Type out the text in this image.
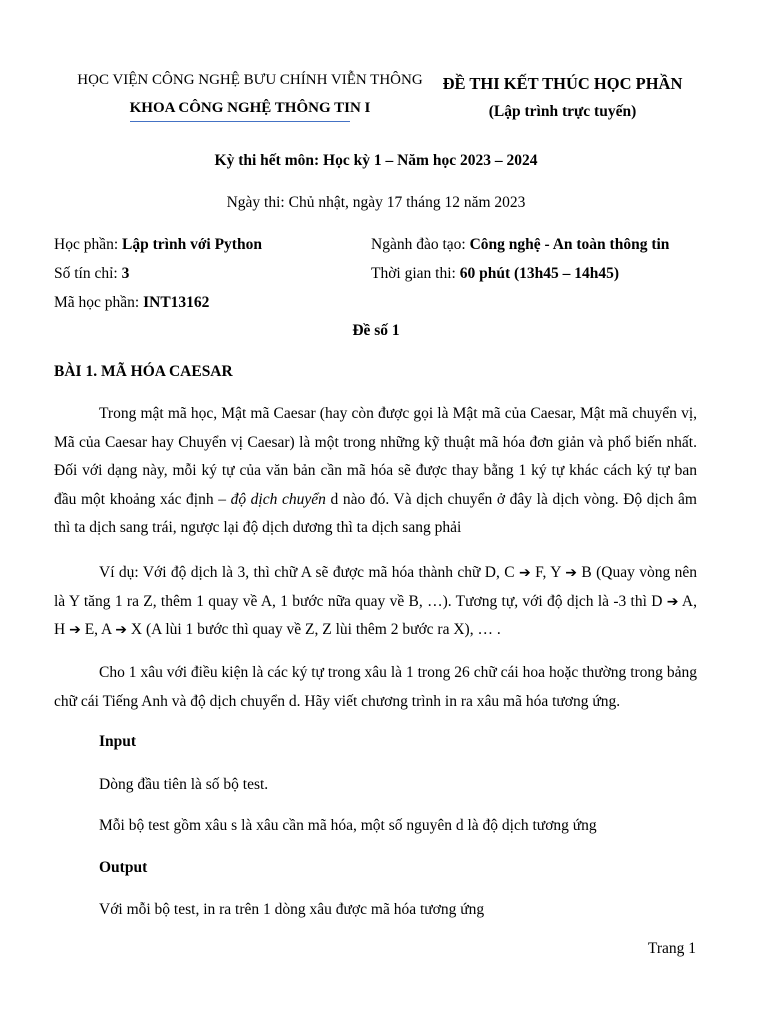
HỌC VIỆN CÔNG NGHỆ BƯU CHÍNH VIỄN THÔNG
KHOA CÔNG NGHỆ THÔNG TIN I
ĐỀ THI KẾT THÚC HỌC PHẦN
(Lập trình trực tuyến)
Kỳ thi hết môn: Học kỳ 1 – Năm học 2023 – 2024
Ngày thi: Chủ nhật, ngày 17 tháng 12 năm 2023
Học phần: Lập trình với Python	Ngành đào tạo: Công nghệ - An toàn thông tin
Số tín chỉ: 3	Thời gian thi: 60 phút (13h45 – 14h45)
Mã học phần: INT13162
Đề số 1
BÀI 1. MÃ HÓA CAESAR
Trong mật mã học, Mật mã Caesar (hay còn được gọi là Mật mã của Caesar, Mật mã chuyển vị, Mã của Caesar hay Chuyển vị Caesar) là một trong những kỹ thuật mã hóa đơn giản và phổ biến nhất. Đối với dạng này, mỗi ký tự của văn bản cần mã hóa sẽ được thay bằng 1 ký tự khác cách ký tự ban đầu một khoảng xác định – độ dịch chuyển d nào đó. Và dịch chuyển ở đây là dịch vòng. Độ dịch âm thì ta dịch sang trái, ngược lại độ dịch dương thì ta dịch sang phải
Ví dụ: Với độ dịch là 3, thì chữ A sẽ được mã hóa thành chữ D, C ➔ F, Y ➔ B (Quay vòng nên là Y tăng 1 ra Z, thêm 1 quay về A, 1 bước nữa quay về B, …). Tương tự, với độ dịch là -3 thì D ➔ A, H ➔ E, A ➔ X (A lùi 1 bước thì quay về Z, Z lùi thêm 2 bước ra X), … .
Cho 1 xâu với điều kiện là các ký tự trong xâu là 1 trong 26 chữ cái hoa hoặc thường trong bảng chữ cái Tiếng Anh và độ dịch chuyển d. Hãy viết chương trình in ra xâu mã hóa tương ứng.
Input
Dòng đầu tiên là số bộ test.
Mỗi bộ test gồm xâu s là xâu cần mã hóa, một số nguyên d là độ dịch tương ứng
Output
Với mỗi bộ test, in ra trên 1 dòng xâu được mã hóa tương ứng
Trang 1
